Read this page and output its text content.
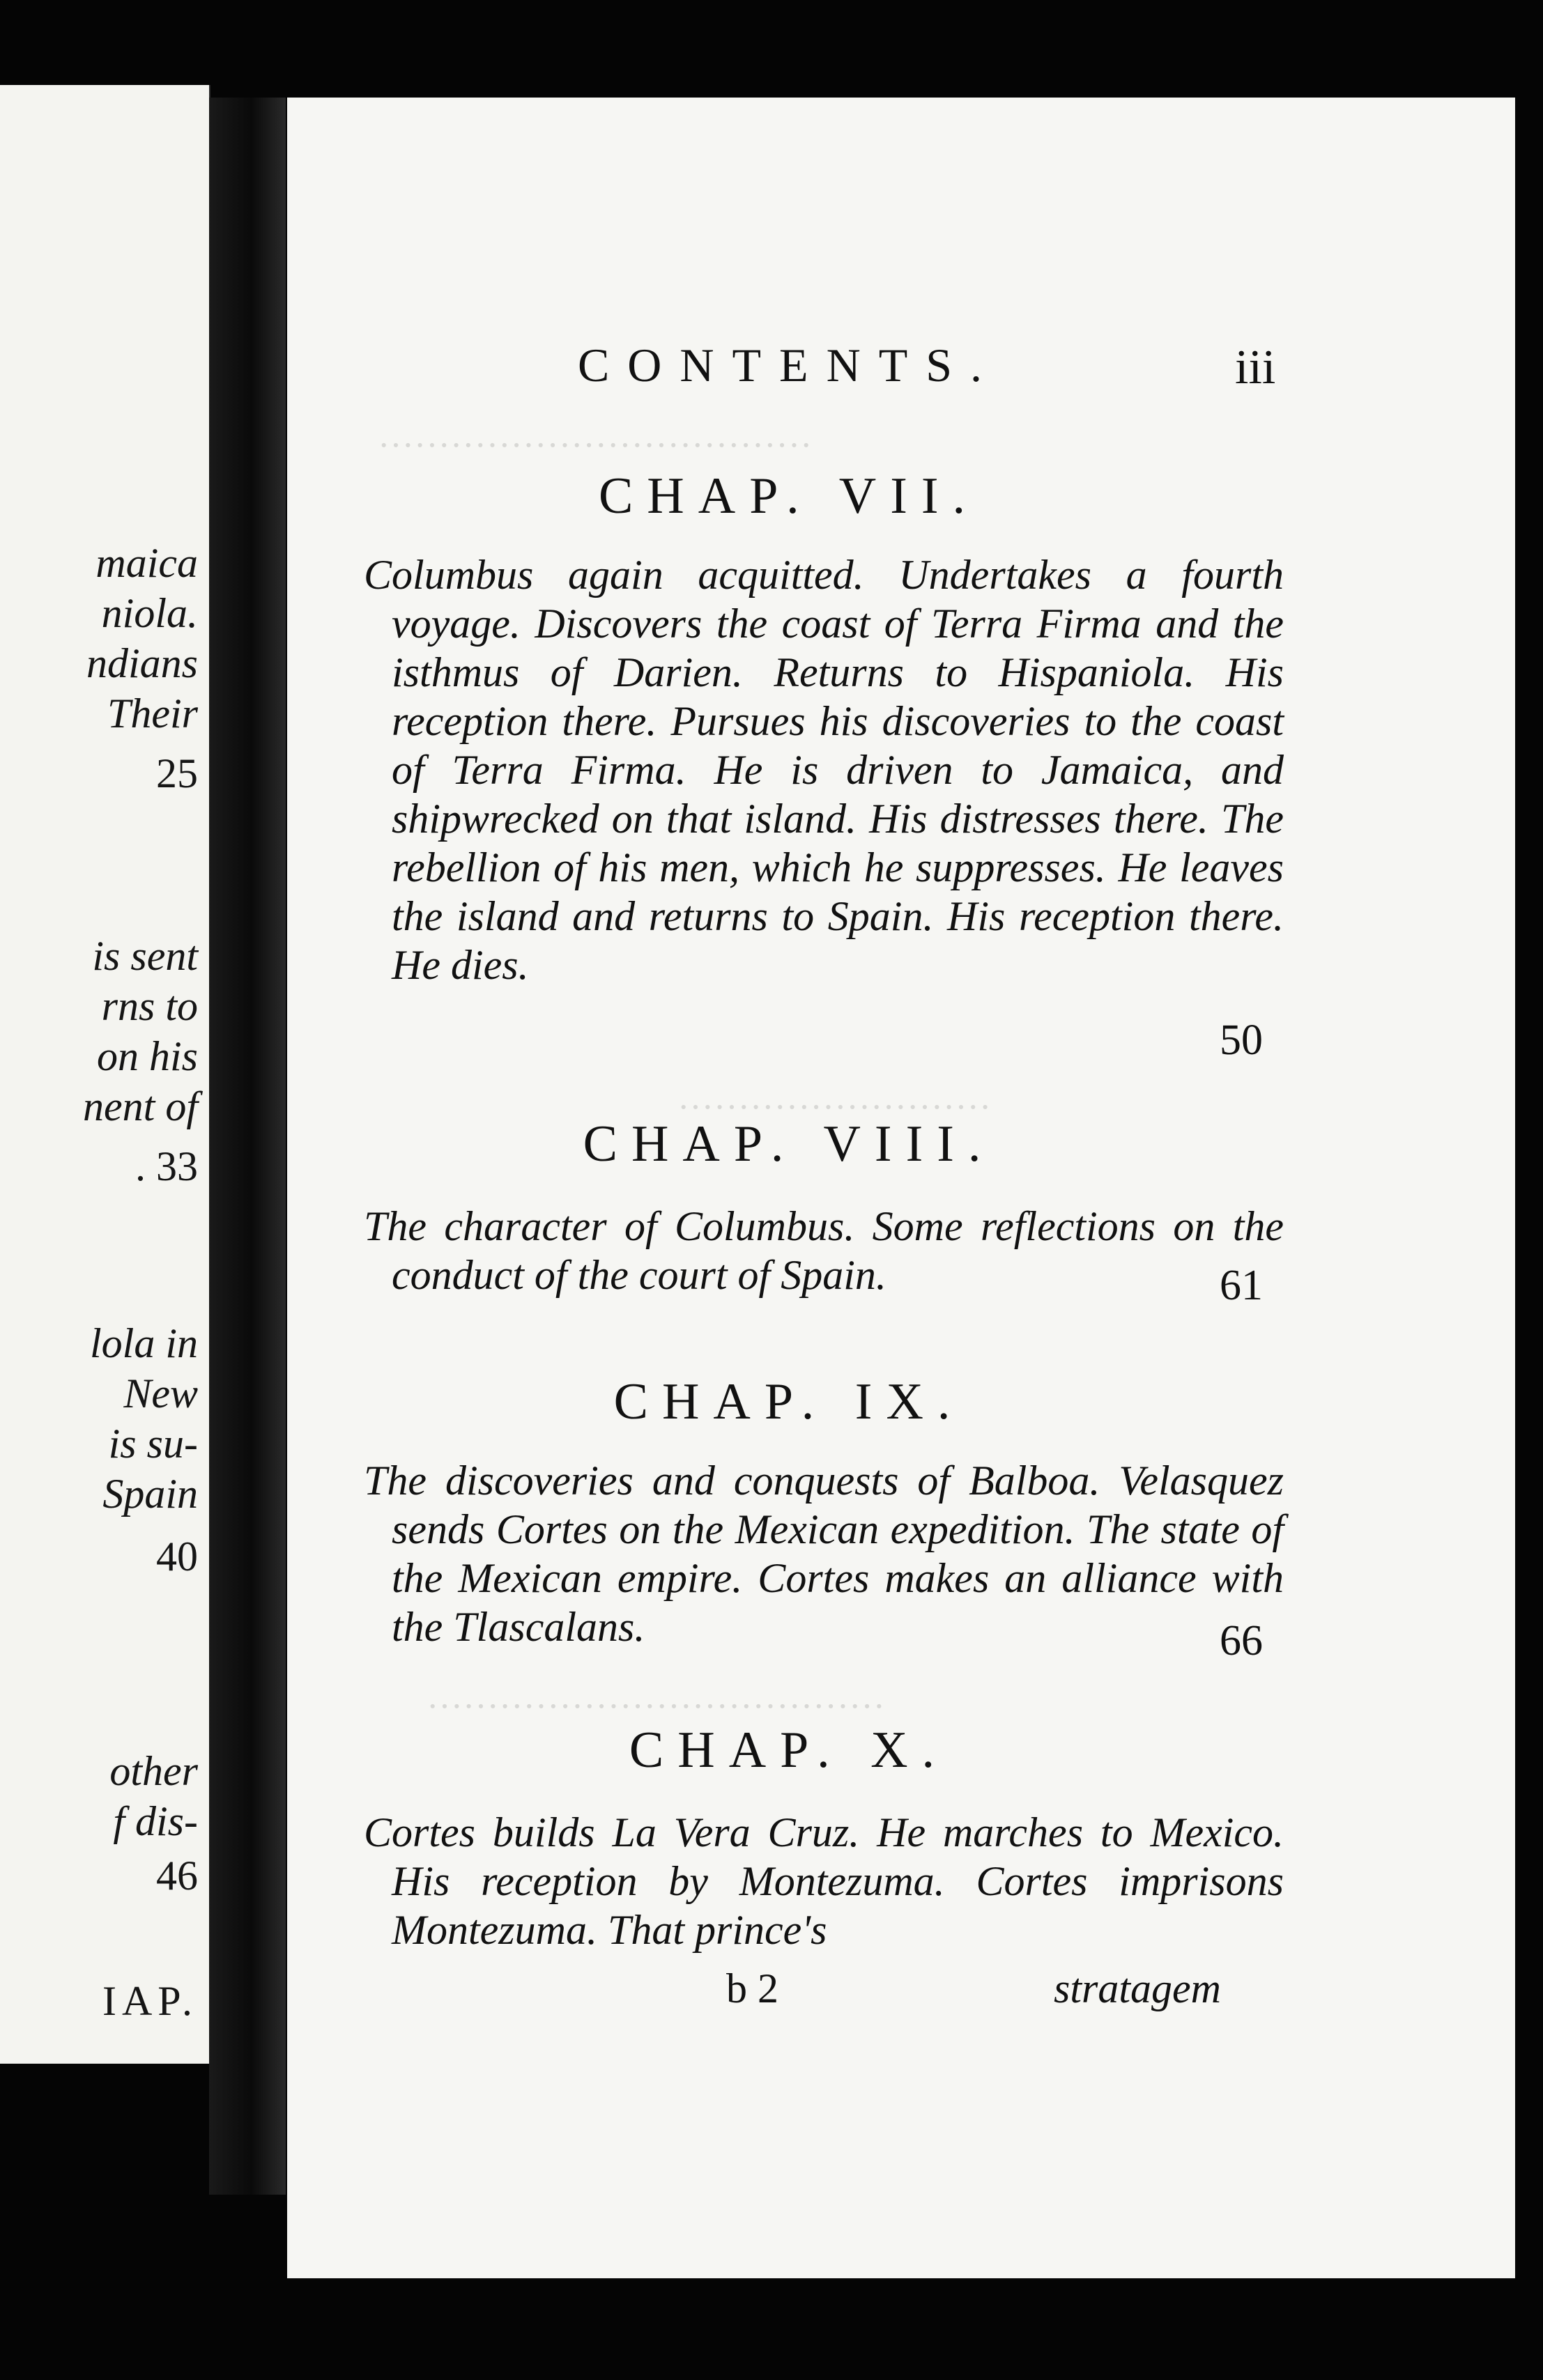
maica
niola.
ndians
Their
25
is sent
rns to
on his
nent of
. 33
lola in
New
is su-
Spain
40
other
f dis-
46
IAP.
····································
··························
······································
CONTENTS.	iii
CHAP. VII.

Columbus again acquitted. Undertakes a fourth voyage. Discovers the coast of Terra Firma and the isthmus of Darien. Returns to Hispaniola. His reception there. Pursues his discoveries to the coast of Terra Firma. He is driven to Jamaica, and shipwrecked on that island. His distresses there. The rebellion of his men, which he suppresses. He leaves the island and returns to Spain. His reception there. He dies.

50
CHAP. VIII.

The character of Columbus. Some reflections on the conduct of the court of Spain.	61
CHAP. IX.

The discoveries and conquests of Balboa. Velasquez sends Cortes on the Mexican expedition. The state of the Mexican empire. Cortes makes an alliance with the Tlascalans.	66
CHAP. X.

Cortes builds La Vera Cruz. He marches to Mexico. His reception by Montezuma. Cortes imprisons Montezuma. That prince's

b 2	stratagem
